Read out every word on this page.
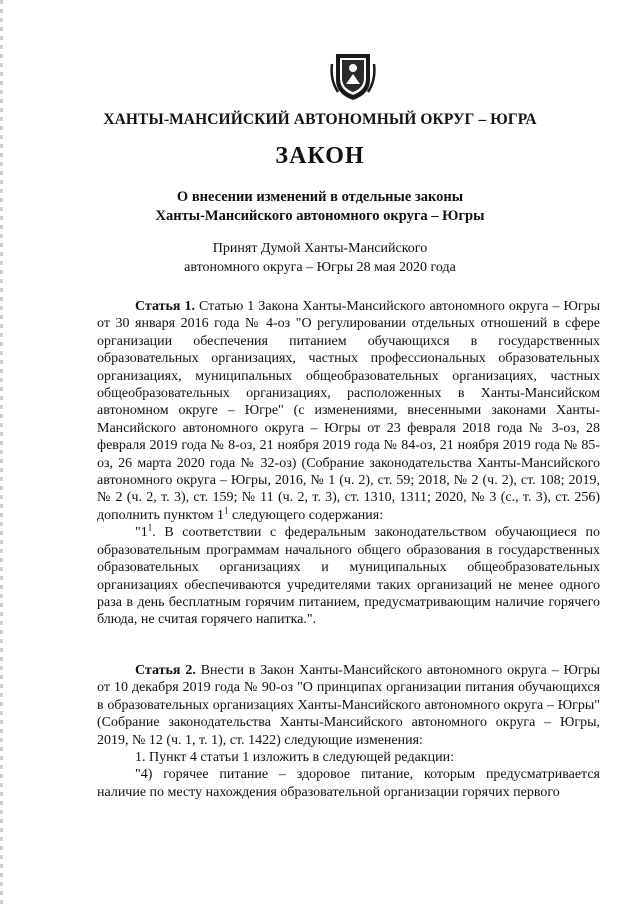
ХАНТЫ-МАНСИЙСКИЙ АВТОНОМНЫЙ ОКРУГ – ЮГРА
ЗАКОН
О внесении изменений в отдельные законы
Ханты-Мансийского автономного округа – Югры
Принят Думой Ханты-Мансийского
автономного округа – Югры 28 мая 2020 года

Статья 1. Статью 1 Закона Ханты-Мансийского автономного округа – Югры от 30 января 2016 года № 4-оз "О регулировании отдельных отношений в сфере организации обеспечения питанием обучающихся в государственных образовательных организациях, частных профессиональных образовательных организациях, муниципальных общеобразовательных организациях, частных общеобразовательных организациях, расположенных в Ханты-Мансийском автономном округе – Югре" (с изменениями, внесенными законами Ханты-Мансийского автономного округа – Югры от 23 февраля 2018 года № 3-оз, 28 февраля 2019 года № 8-оз, 21 ноября 2019 года № 84-оз, 21 ноября 2019 года № 85-оз, 26 марта 2020 года № 32-оз) (Собрание законодательства Ханты-Мансийского автономного округа – Югры, 2016, № 1 (ч. 2), ст. 59; 2018, № 2 (ч. 2), ст. 108; 2019, № 2 (ч. 2, т. 3), ст. 159; № 11 (ч. 2, т. 3), ст. 1310, 1311; 2020, № 3 (с., т. 3), ст. 256) дополнить пунктом $1^1$ следующего содержания:

"$1^1$. В соответствии с федеральным законодательством обучающиеся по образовательным программам начального общего образования в государственных образовательных организациях и муниципальных общеобразовательных организациях обеспечиваются учредителями таких организаций не менее одного раза в день бесплатным горячим питанием, предусматривающим наличие горячего блюда, не считая горячего напитка.".

Статья 2. Внести в Закон Ханты-Мансийского автономного округа – Югры от 10 декабря 2019 года № 90-оз "О принципах организации питания обучающихся в образовательных организациях Ханты-Мансийского автономного округа – Югры" (Собрание законодательства Ханты-Мансийского автономного округа – Югры, 2019, № 12 (ч. 1, т. 1), ст. 1422) следующие изменения:

1. Пункт 4 статьи 1 изложить в следующей редакции:

"4) горячее питание – здоровое питание, которым предусматривается наличие по месту нахождения образовательной организации горячих первого
